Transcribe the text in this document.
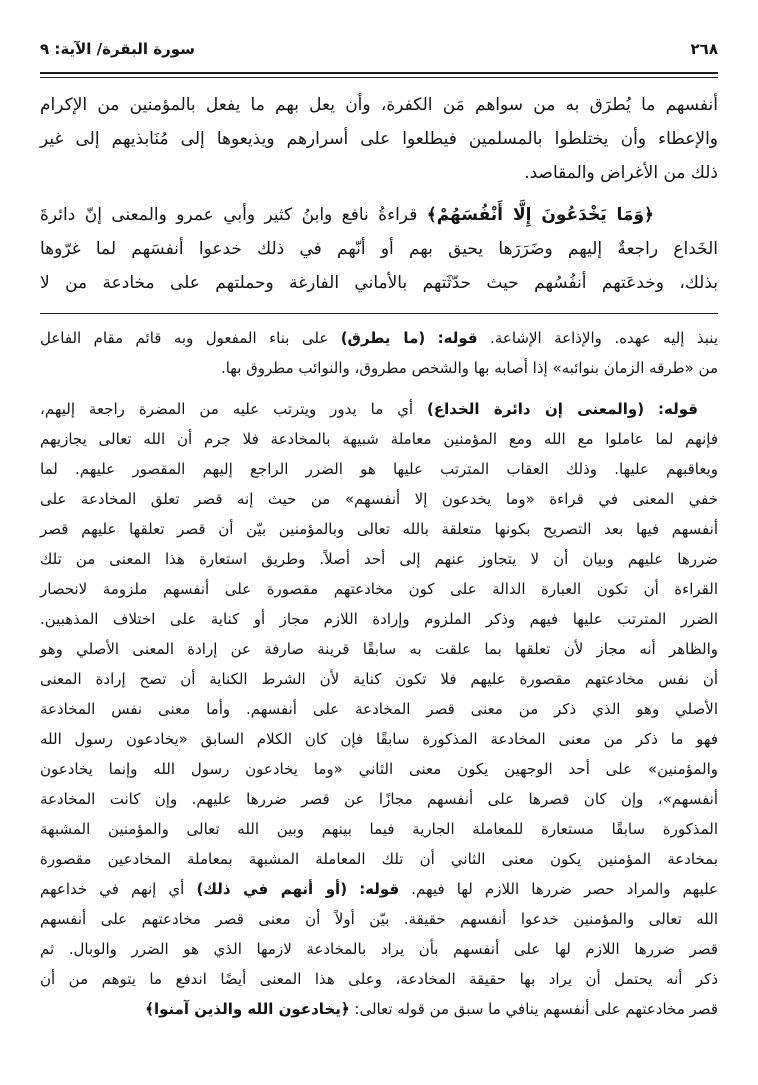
٢٦٨
سورة البقرة/ الآية: ٩
أنفسهم ما يُطرَق به من سواهم مَن الكفرة، وأن يعل بهم ما يفعل بالمؤمنين من الإكرام
والإعطاء وأن يختلطوا بالمسلمين فيطلعوا على أسرارهم ويذيعوها إلى مُنَابذيهم إلى غير
ذلك من الأغراض والمقاصد.
﴿وَمَا يَخْدَعُونَ إِلَّا أَنْفُسَهُمْ﴾ قراءةُ نافع وابنُ كثير وأبي عمرو والمعنى إنّ دائرةَ
الخَداع راجعةٌ إليهم وضَرَرَها يحيق بهم أو أنّهم في ذلك خدعوا أنفسَهم لما غرّوها
بذلك، وخدعَتهم أنفُسُهم حيث حدّثَتهم بالأماني الفارغة وحملتهم على مخادعة من لا
ينبذ إليه عهده. والإذاعة الإشاعة. قوله: (ما يطرق) على بناء المفعول وبه قائم مقام الفاعل
من «طرقه الزمان بنوائبه» إذا أصابه بها والشخص مطروق، والنوائب مطروق بها.
قوله: (والمعنى إن دائرة الخداع) أي ما يدور ويترتب عليه من المضرة راجعة إليهم،
فإنهم لما عاملوا مع الله ومع المؤمنين معاملة شبيهة بالمخادعة فلا جرم أن الله تعالى يجازيهم
ويعاقبهم عليها. وذلك العقاب المترتب عليها هو الضرر الراجع إليهم المقصور عليهم. لما
خفي المعنى في قراءة «وما يخدعون إلا أنفسهم» من حيث إنه قصر تعلق المخادعة على
أنفسهم فيها بعد التصريح بكونها متعلقة بالله تعالى وبالمؤمنين بيّن أن قصر تعلقها عليهم قصر
ضررها عليهم وبيان أن لا يتجاوز عنهم إلى أحد أصلاً. وطريق استعارة هذا المعنى من تلك
القراءة أن تكون العبارة الدالة على كون مخادعتهم مقصورة على أنفسهم ملزومة لانحصار
الضرر المترتب عليها فيهم وذكر الملزوم وإرادة اللازم مجاز أو كناية على اختلاف المذهبين.
والظاهر أنه مجاز لأن تعلقها بما علقت به سابقًا قرينة صارفة عن إرادة المعنى الأصلي وهو
أن نفس مخادعتهم مقصورة عليهم فلا تكون كناية لأن الشرط الكناية أن تصح إرادة المعنى
الأصلي وهو الذي ذكر من معنى قصر المخادعة على أنفسهم. وأما معنى نفس المخادعة
فهو ما ذكر من معنى المخادعة المذكورة سابقًا فإن كان الكلام السابق «يخادعون رسول الله
والمؤمنين» على أحد الوجهين يكون معنى الثاني «وما يخادعون رسول الله وإنما يخادعون
أنفسهم»، وإن كان قصرها على أنفسهم مجازًا عن قصر ضررها عليهم. وإن كانت المخادعة
المذكورة سابقًا مستعارة للمعاملة الجارية فيما بينهم وبين الله تعالى والمؤمنين المشبهة
بمخادعة المؤمنين يكون معنى الثاني أن تلك المعاملة المشبهة بمعاملة المخادعين مقصورة
عليهم والمراد حصر ضررها اللازم لها فيهم. قوله: (أو أنهم في ذلك) أي إنهم في خداعهم
الله تعالى والمؤمنين خدعوا أنفسهم حقيقة. بيّن أولاً أن معنى قصر مخادعتهم على أنفسهم
قصر ضررها اللازم لها على أنفسهم بأن يراد بالمخادعة لازمها الذي هو الضرر والوبال. ثم
ذكر أنه يحتمل أن يراد بها حقيقة المخادعة، وعلى هذا المعنى أيضًا اندفع ما يتوهم من أن
قصر مخادعتهم على أنفسهم ينافي ما سبق من قوله تعالى: ﴿يخادعون الله والذين آمنوا﴾
